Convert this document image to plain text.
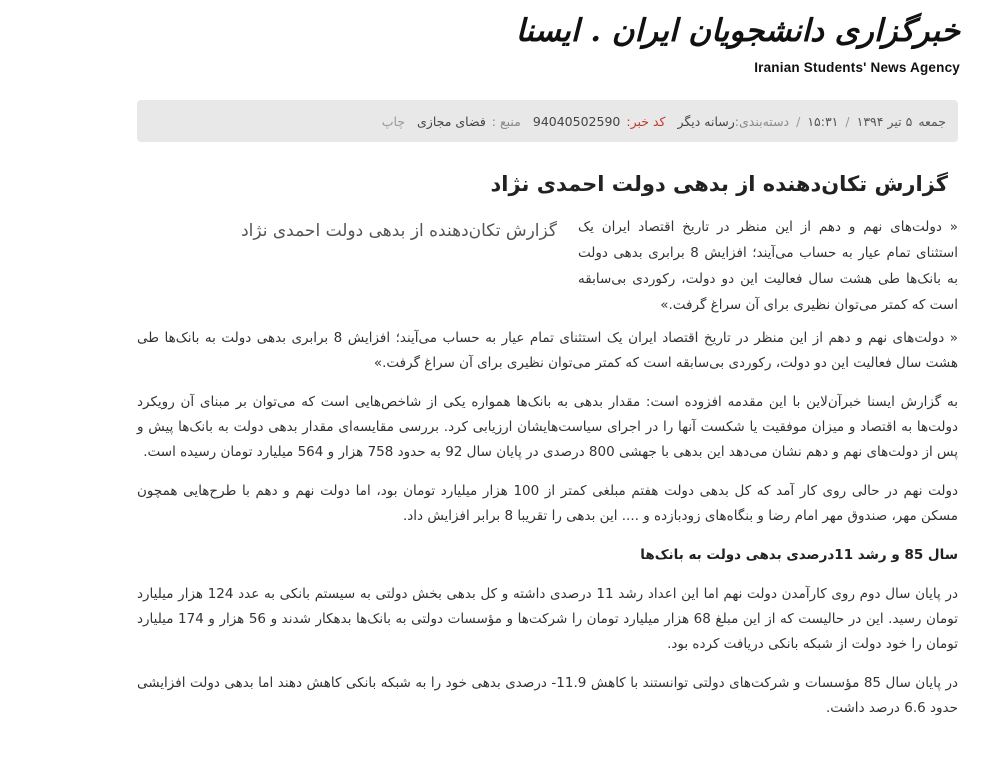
خبرگزاری دانشجویان ایران . ایسنا
Iranian Students' News Agency
جمعه
۵ تیر ۱۳۹۴
/
۱۵:۳۱
/
دسته‌بندی:
رسانه دیگر
کد خبر:
94040502590
منبع :
فضای مجازی
چاپ
گزارش تکان‌دهنده از بدهی دولت احمدی نژاد
« دولت‌های نهم و دهم از این منظر در تاریخ اقتصاد ایران یک استثنای تمام عیار به حساب می‌آیند؛ افزایش 8 برابری بدهی دولت به بانک‌ها طی هشت سال فعالیت این دو دولت، رکوردی بی‌سابقه است که کمتر می‌توان نظیری برای آن سراغ گرفت.»
گزارش تکان‌دهنده از بدهی دولت احمدی نژاد

« دولت‌های نهم و دهم از این منظر در تاریخ اقتصاد ایران یک استثنای تمام عیار به حساب می‌آیند؛ افزایش 8 برابری بدهی دولت به بانک‌ها طی هشت سال فعالیت این دو دولت، رکوردی بی‌سابقه است که کمتر می‌توان نظیری برای آن سراغ گرفت.»

به گزارش ایسنا خبرآن‌لاین با این مقدمه افزوده است: مقدار بدهی به بانک‌ها همواره یکی از شاخص‌هایی است که می‌توان بر مبنای آن رویکرد دولت‌ها به اقتصاد و میزان موفقیت یا شکست آنها را در اجرای سیاست‌هایشان ارزیابی کرد. بررسی مقایسه‌ای مقدار بدهی دولت به بانک‌ها پیش و پس از دولت‌های نهم و دهم نشان می‌دهد این بدهی با جهشی 800 درصدی در پایان سال 92 به حدود 758 هزار و 564 میلیارد تومان رسیده است.

دولت نهم در حالی روی کار آمد که کل بدهی دولت هفتم مبلغی کمتر از 100 هزار میلیارد تومان بود، اما دولت نهم و دهم با طرح‌هایی همچون مسکن مهر، صندوق مهر امام رضا و بنگاه‌های زودبازده و .... این بدهی را تقریبا 8 برابر افزایش داد.

سال 85 و رشد 11درصدی بدهی دولت به بانک‌ها

در پایان سال دوم روی کارآمدن دولت نهم اما این اعداد رشد 11 درصدی داشته و کل بدهی بخش دولتی به سیستم بانکی به عدد 124 هزار میلیارد تومان رسید. این در حالیست که از این مبلغ 68 هزار میلیارد تومان را شرکت‌ها و مؤسسات دولتی به بانک‌ها بدهکار شدند و 56 هزار و 174 میلیارد تومان را خود دولت از شبکه بانکی دریافت کرده بود.

در پایان سال 85 مؤسسات و شرکت‌های دولتی توانستند با کاهش 11.9- درصدی بدهی خود را به شبکه بانکی کاهش دهند اما بدهی دولت افزایشی حدود 6.6 درصد داشت.
